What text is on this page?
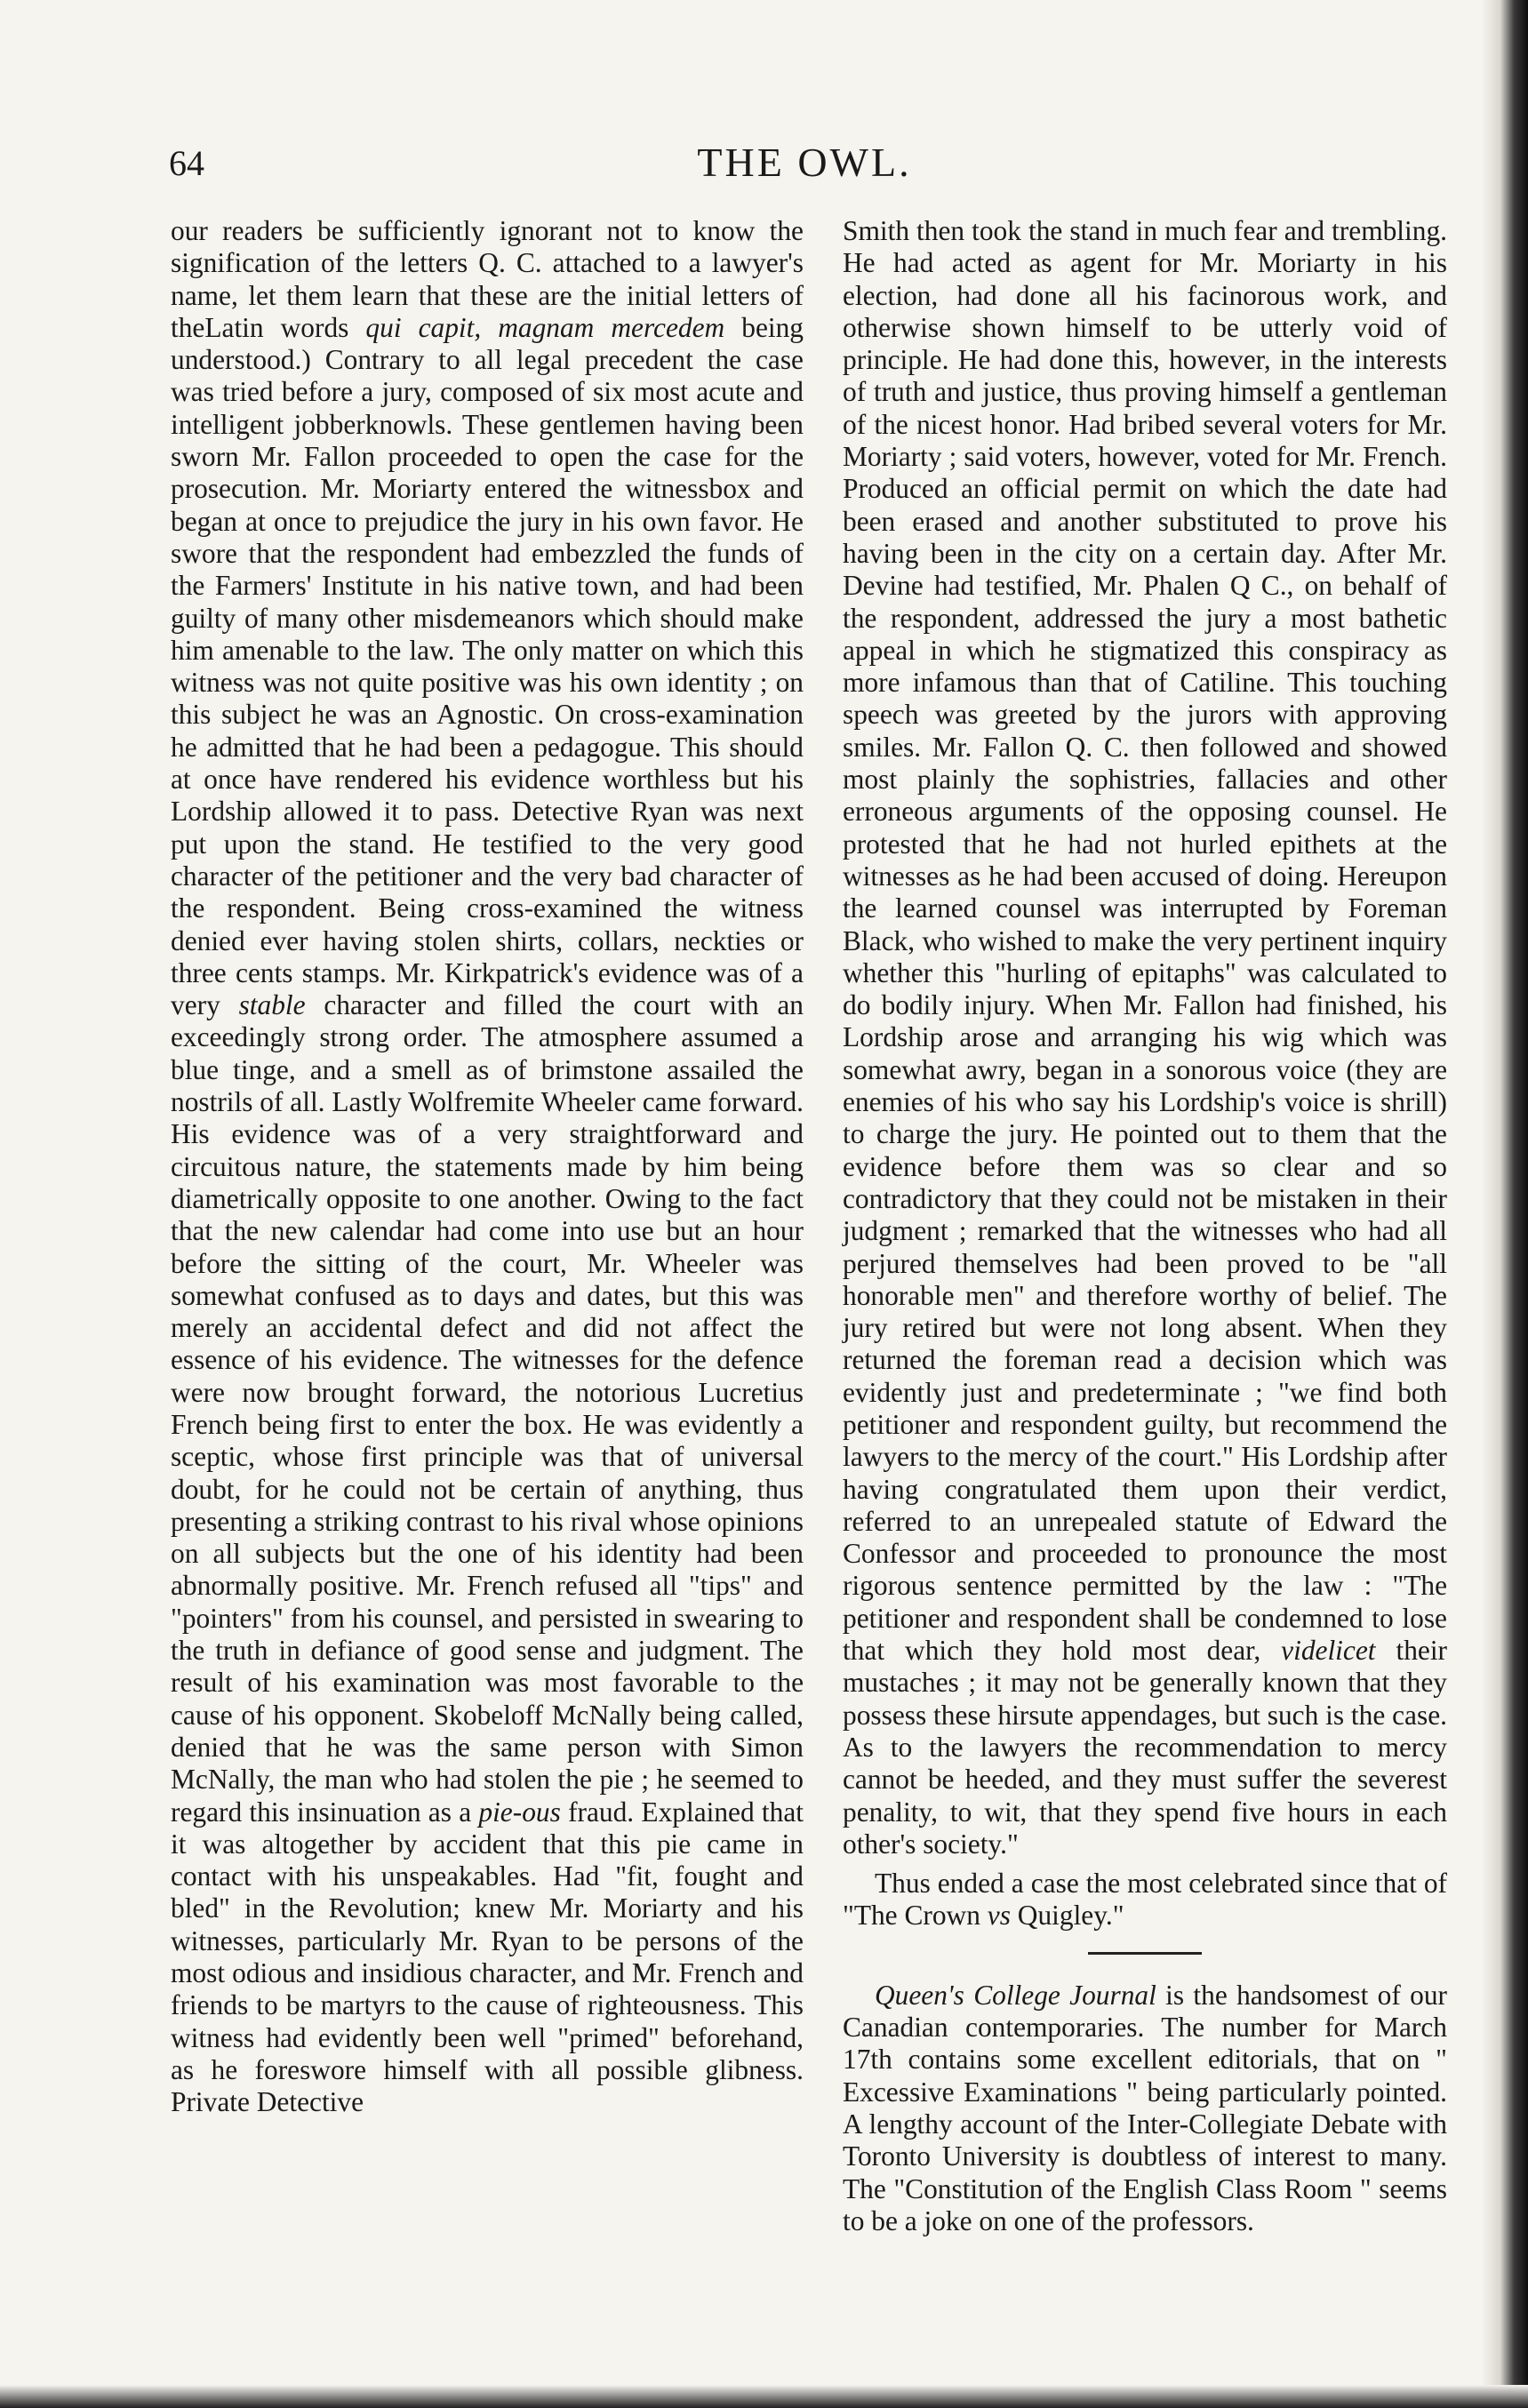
64	THE OWL.

our readers be sufficiently ignorant not to know the signification of the letters Q. C. attached to a lawyer's name, let them learn that these are the initial letters of theLatin words qui capit, magnam mercedem being understood.) Contrary to all legal precedent the case was tried before a jury, composed of six most acute and intelligent jobberknowls. These gentlemen having been sworn Mr. Fallon proceeded to open the case for the prosecution. Mr. Moriarty entered the witnessbox and began at once to prejudice the jury in his own favor. He swore that the respondent had embezzled the funds of the Farmers' Institute in his native town, and had been guilty of many other misdemeanors which should make him amenable to the law. The only matter on which this witness was not quite positive was his own identity ; on this subject he was an Agnostic. On cross-examination he admitted that he had been a pedagogue. This should at once have rendered his evidence worthless but his Lordship allowed it to pass. Detective Ryan was next put upon the stand. He testified to the very good character of the petitioner and the very bad character of the respondent. Being cross-examined the witness denied ever having stolen shirts, collars, neckties or three cents stamps. Mr. Kirkpatrick's evidence was of a very stable character and filled the court with an exceedingly strong order. The atmosphere assumed a blue tinge, and a smell as of brimstone assailed the nostrils of all. Lastly Wolfremite Wheeler came forward. His evidence was of a very straightforward and circuitous nature, the statements made by him being diametrically opposite to one another. Owing to the fact that the new calendar had come into use but an hour before the sitting of the court, Mr. Wheeler was somewhat confused as to days and dates, but this was merely an accidental defect and did not affect the essence of his evidence. The witnesses for the defence were now brought forward, the notorious Lucretius French being first to enter the box. He was evidently a sceptic, whose first principle was that of universal doubt, for he could not be certain of anything, thus presenting a striking contrast to his rival whose opinions on all subjects but the one of his identity had been abnormally positive. Mr. French refused all "tips" and "pointers" from his counsel, and persisted in swearing to the truth in defiance of good sense and judgment. The result of his examination was most favorable to the cause of his opponent. Skobeloff McNally being called, denied that he was the same person with Simon McNally, the man who had stolen the pie ; he seemed to regard this insinuation as a pie-ous fraud. Explained that it was altogether by accident that this pie came in contact with his unspeakables. Had "fit, fought and bled" in the Revolution; knew Mr. Moriarty and his witnesses, particularly Mr. Ryan to be persons of the most odious and insidious character, and Mr. French and friends to be martyrs to the cause of righteousness. This witness had evidently been well "primed" beforehand, as he foreswore himself with all possible glibness. Private Detective

Smith then took the stand in much fear and trembling. He had acted as agent for Mr. Moriarty in his election, had done all his facinorous work, and otherwise shown himself to be utterly void of principle. He had done this, however, in the interests of truth and justice, thus proving himself a gentleman of the nicest honor. Had bribed several voters for Mr. Moriarty ; said voters, however, voted for Mr. French. Produced an official permit on which the date had been erased and another substituted to prove his having been in the city on a certain day. After Mr. Devine had testified, Mr. Phalen Q C., on behalf of the respondent, addressed the jury a most bathetic appeal in which he stigmatized this conspiracy as more infamous than that of Catiline. This touching speech was greeted by the jurors with approving smiles. Mr. Fallon Q. C. then followed and showed most plainly the sophistries, fallacies and other erroneous arguments of the opposing counsel. He protested that he had not hurled epithets at the witnesses as he had been accused of doing. Hereupon the learned counsel was interrupted by Foreman Black, who wished to make the very pertinent inquiry whether this "hurling of epitaphs" was calculated to do bodily injury. When Mr. Fallon had finished, his Lordship arose and arranging his wig which was somewhat awry, began in a sonorous voice (they are enemies of his who say his Lordship's voice is shrill) to charge the jury. He pointed out to them that the evidence before them was so clear and so contradictory that they could not be mistaken in their judgment ; remarked that the witnesses who had all perjured themselves had been proved to be "all honorable men" and therefore worthy of belief. The jury retired but were not long absent. When they returned the foreman read a decision which was evidently just and predeterminate ; "we find both petitioner and respondent guilty, but recommend the lawyers to the mercy of the court." His Lordship after having congratulated them upon their verdict, referred to an unrepealed statute of Edward the Confessor and proceeded to pronounce the most rigorous sentence permitted by the law : "The petitioner and respondent shall be condemned to lose that which they hold most dear, videlicet their mustaches ; it may not be generally known that they possess these hirsute appendages, but such is the case. As to the lawyers the recommendation to mercy cannot be heeded, and they must suffer the severest penality, to wit, that they spend five hours in each other's society."

Thus ended a case the most celebrated since that of "The Crown vs Quigley."

Queen's College Journal is the handsomest of our Canadian contemporaries. The number for March 17th contains some excellent editorials, that on " Excessive Examinations " being particularly pointed. A lengthy account of the Inter-Collegiate Debate with Toronto University is doubtless of interest to many. The "Constitution of the English Class Room " seems to be a joke on one of the professors.
